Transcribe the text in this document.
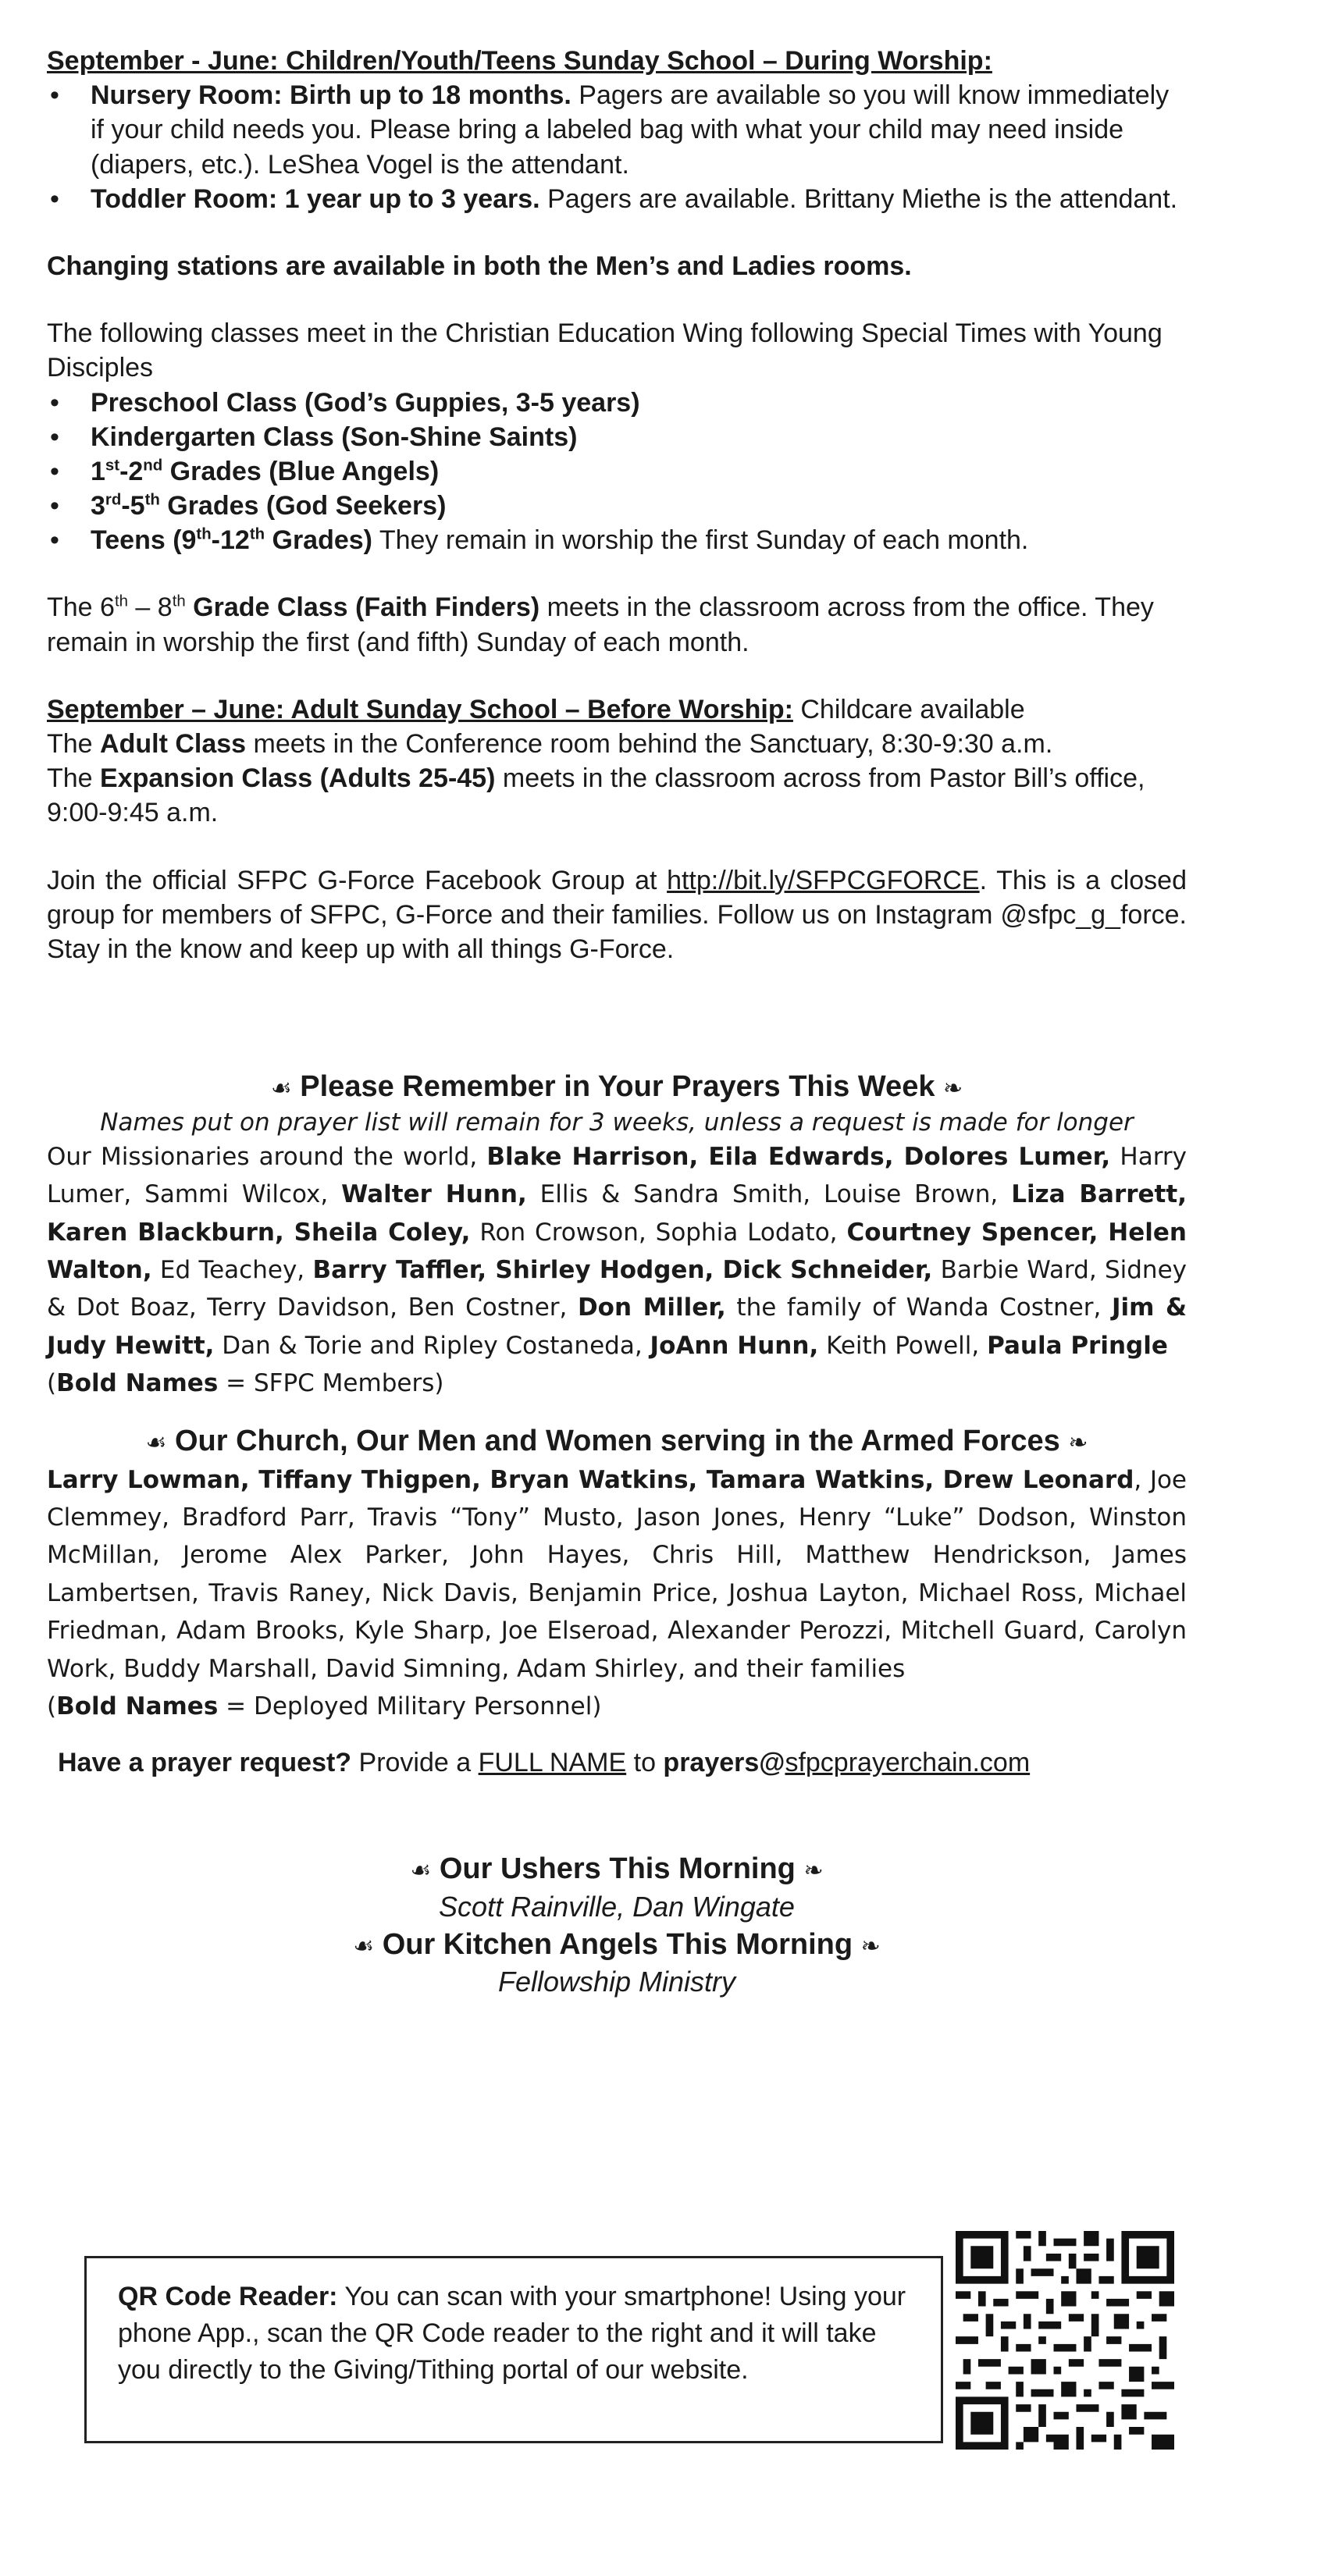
September - June: Children/Youth/Teens Sunday School – During Worship:
• Nursery Room: Birth up to 18 months. Pagers are available so you will know immediately if your child needs you. Please bring a labeled bag with what your child may need inside (diapers, etc.). LeShea Vogel is the attendant.
• Toddler Room: 1 year up to 3 years. Pagers are available. Brittany Miethe is the attendant.
Changing stations are available in both the Men’s and Ladies rooms.
The following classes meet in the Christian Education Wing following Special Times with Young Disciples
• Preschool Class (God’s Guppies, 3-5 years)
• Kindergarten Class (Son-Shine Saints)
• 1st-2nd Grades (Blue Angels)
• 3rd-5th Grades (God Seekers)
• Teens (9th-12th Grades) They remain in worship the first Sunday of each month.
The 6th – 8th Grade Class (Faith Finders) meets in the classroom across from the office. They remain in worship the first (and fifth) Sunday of each month.
September – June: Adult Sunday School – Before Worship: Childcare available
The Adult Class meets in the Conference room behind the Sanctuary, 8:30-9:30 a.m.
The Expansion Class (Adults 25-45) meets in the classroom across from Pastor Bill’s office, 9:00-9:45 a.m.
Join the official SFPC G-Force Facebook Group at http://bit.ly/SFPCGFORCE. This is a closed group for members of SFPC, G-Force and their families. Follow us on Instagram @sfpc_g_force. Stay in the know and keep up with all things G-Force.
☙ Please Remember in Your Prayers This Week ❧
Names put on prayer list will remain for 3 weeks, unless a request is made for longer
Our Missionaries around the world, Blake Harrison, Eila Edwards, Dolores Lumer, Harry Lumer, Sammi Wilcox, Walter Hunn, Ellis & Sandra Smith, Louise Brown, Liza Barrett, Karen Blackburn, Sheila Coley, Ron Crowson, Sophia Lodato, Courtney Spencer, Helen Walton, Ed Teachey, Barry Taffler, Shirley Hodgen, Dick Schneider, Barbie Ward, Sidney & Dot Boaz, Terry Davidson, Ben Costner, Don Miller, the family of Wanda Costner, Jim & Judy Hewitt, Dan & Torie and Ripley Costaneda, JoAnn Hunn, Keith Powell, Paula Pringle
(Bold Names = SFPC Members)
☙ Our Church, Our Men and Women serving in the Armed Forces ❧
Larry Lowman, Tiffany Thigpen, Bryan Watkins, Tamara Watkins, Drew Leonard, Joe Clemmey, Bradford Parr, Travis “Tony” Musto, Jason Jones, Henry “Luke” Dodson, Winston McMillan, Jerome Alex Parker, John Hayes, Chris Hill, Matthew Hendrickson, James Lambertsen, Travis Raney, Nick Davis, Benjamin Price, Joshua Layton, Michael Ross, Michael Friedman, Adam Brooks, Kyle Sharp, Joe Elseroad, Alexander Perozzi, Mitchell Guard, Carolyn Work, Buddy Marshall, David Simning, Adam Shirley, and their families
(Bold Names = Deployed Military Personnel)
Have a prayer request? Provide a FULL NAME to prayers@sfpcprayerchain.com
☙ Our Ushers This Morning ❧
Scott Rainville, Dan Wingate
☙ Our Kitchen Angels This Morning ❧
Fellowship Ministry
QR Code Reader: You can scan with your smartphone! Using your phone App., scan the QR Code reader to the right and it will take you directly to the Giving/Tithing portal of our website.
